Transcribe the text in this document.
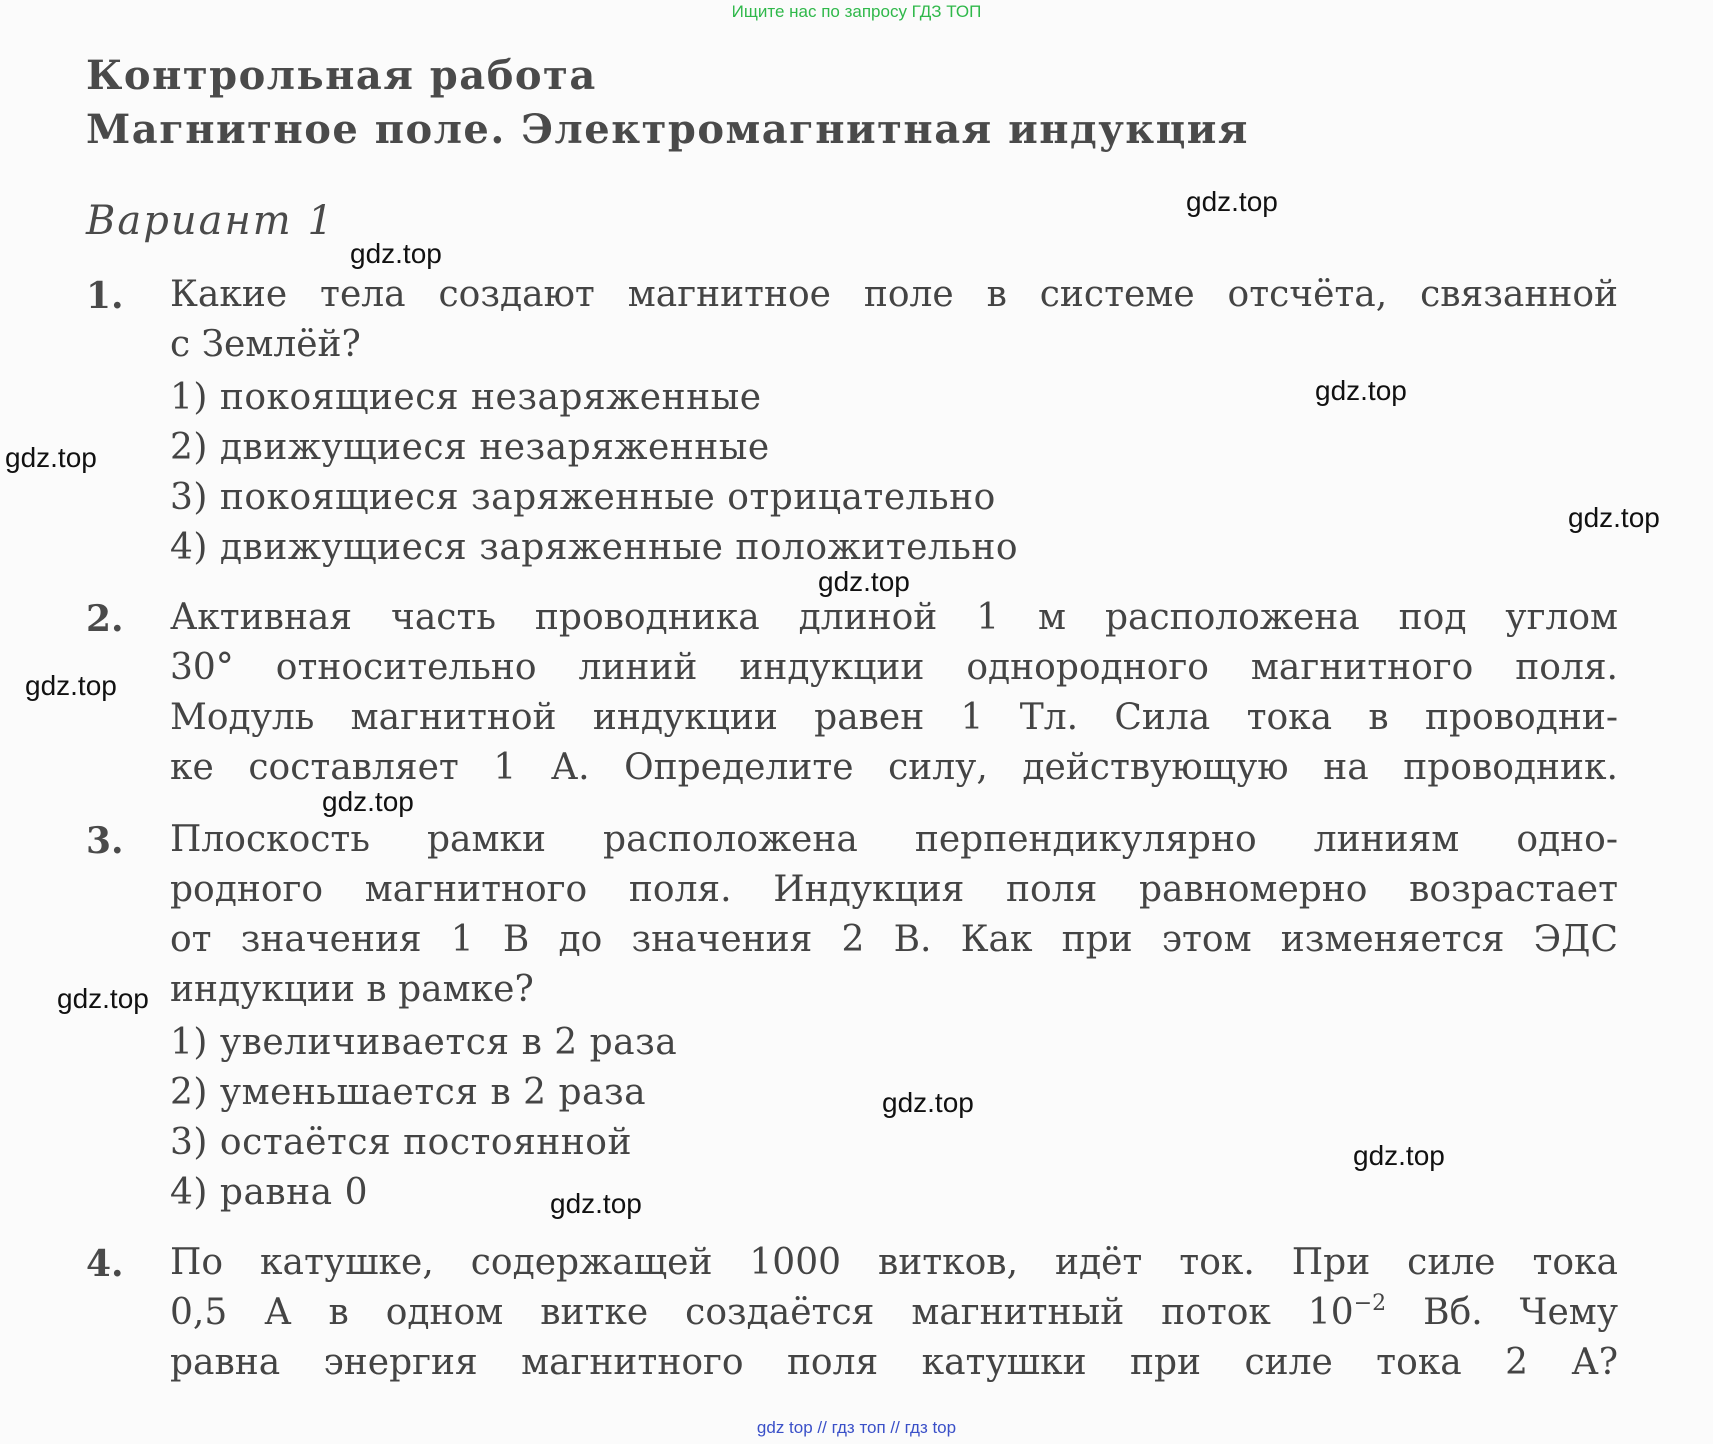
Ищите нас по запросу ГДЗ ТОП
Контрольная работа
Магнитное поле. Электромагнитная индукция
Вариант 1
1. Какие тела создают магнитное поле в системе отсчёта, связанной
с Землёй?
1) покоящиеся незаряженные
2) движущиеся незаряженные
3) покоящиеся заряженные отрицательно
4) движущиеся заряженные положительно
2. Активная часть проводника длиной 1 м расположена под углом
30° относительно линий индукции однородного магнитного поля.
Модуль магнитной индукции равен 1 Тл. Сила тока в проводни-
ке составляет 1 А. Определите силу, действующую на проводник.
3. Плоскость рамки расположена перпендикулярно линиям одно-
родного магнитного поля. Индукция поля равномерно возрастает
от значения 1 В до значения 2 В. Как при этом изменяется ЭДС
индукции в рамке?
1) увеличивается в 2 раза
2) уменьшается в 2 раза
3) остаётся постоянной
4) равна 0
4. По катушке, содержащей 1000 витков, идёт ток. При силе тока
0,5 А в одном витке создаётся магнитный поток $10^{-2}$ Вб. Чему
равна энергия магнитного поля катушки при силе тока 2 А?
gdz.top
gdz.top
gdz.top
gdz.top
gdz.top
gdz.top
gdz.top
gdz.top
gdz.top
gdz.top
gdz.top
gdz.top
gdz top // гдз топ // гдз top
